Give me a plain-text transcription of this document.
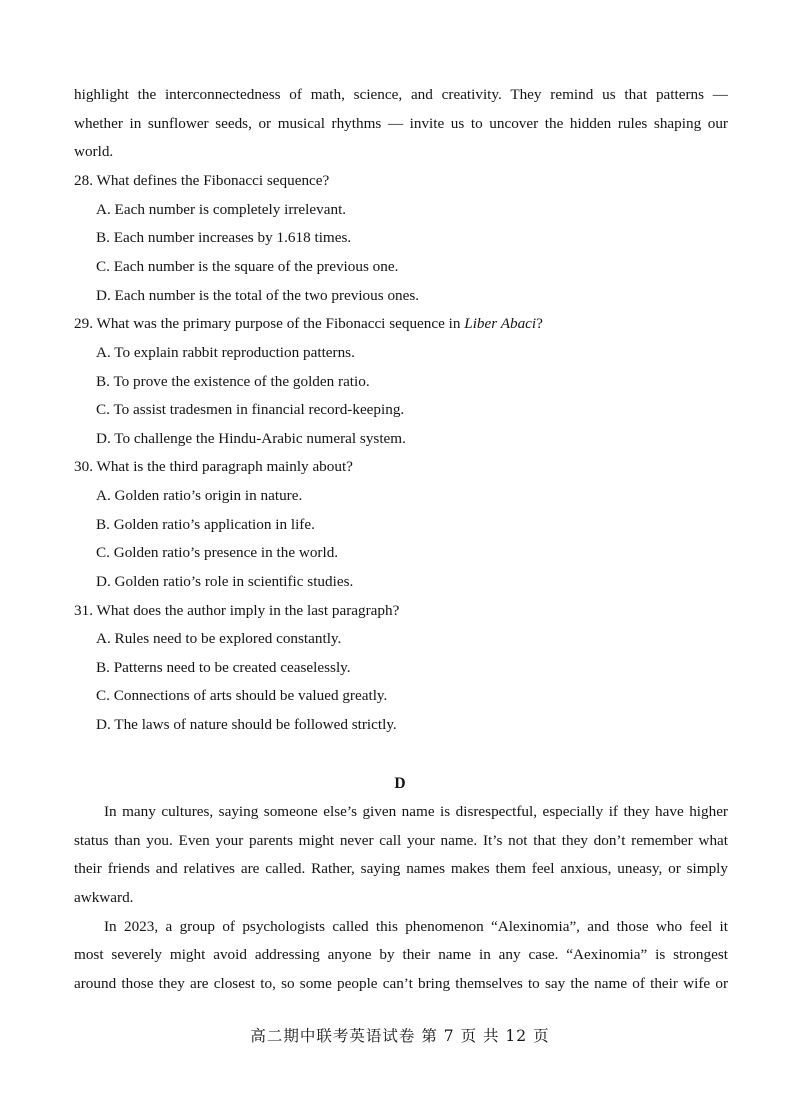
highlight the interconnectedness of math, science, and creativity. They remind us that patterns —
whether in sunflower seeds, or musical rhythms — invite us to uncover the hidden rules shaping our
world.
28. What defines the Fibonacci sequence?
A. Each number is completely irrelevant.
B. Each number increases by 1.618 times.
C. Each number is the square of the previous one.
D. Each number is the total of the two previous ones.
29. What was the primary purpose of the Fibonacci sequence in Liber Abaci?
A. To explain rabbit reproduction patterns.
B. To prove the existence of the golden ratio.
C. To assist tradesmen in financial record-keeping.
D. To challenge the Hindu-Arabic numeral system.
30. What is the third paragraph mainly about?
A. Golden ratio’s origin in nature.
B. Golden ratio’s application in life.
C. Golden ratio’s presence in the world.
D. Golden ratio’s role in scientific studies.
31. What does the author imply in the last paragraph?
A. Rules need to be explored constantly.
B. Patterns need to be created ceaselessly.
C. Connections of arts should be valued greatly.
D. The laws of nature should be followed strictly.
D
In many cultures, saying someone else’s given name is disrespectful, especially if they have higher
status than you. Even your parents might never call your name. It’s not that they don’t remember what
their friends and relatives are called. Rather, saying names makes them feel anxious, uneasy, or simply
awkward.
In 2023, a group of psychologists called this phenomenon “Alexinomia”, and those who feel it
most severely might avoid addressing anyone by their name in any case. “Aexinomia” is strongest
around those they are closest to, so some people can’t bring themselves to say the name of their wife or
高二期中联考英语试卷 第 7 页 共 12 页
